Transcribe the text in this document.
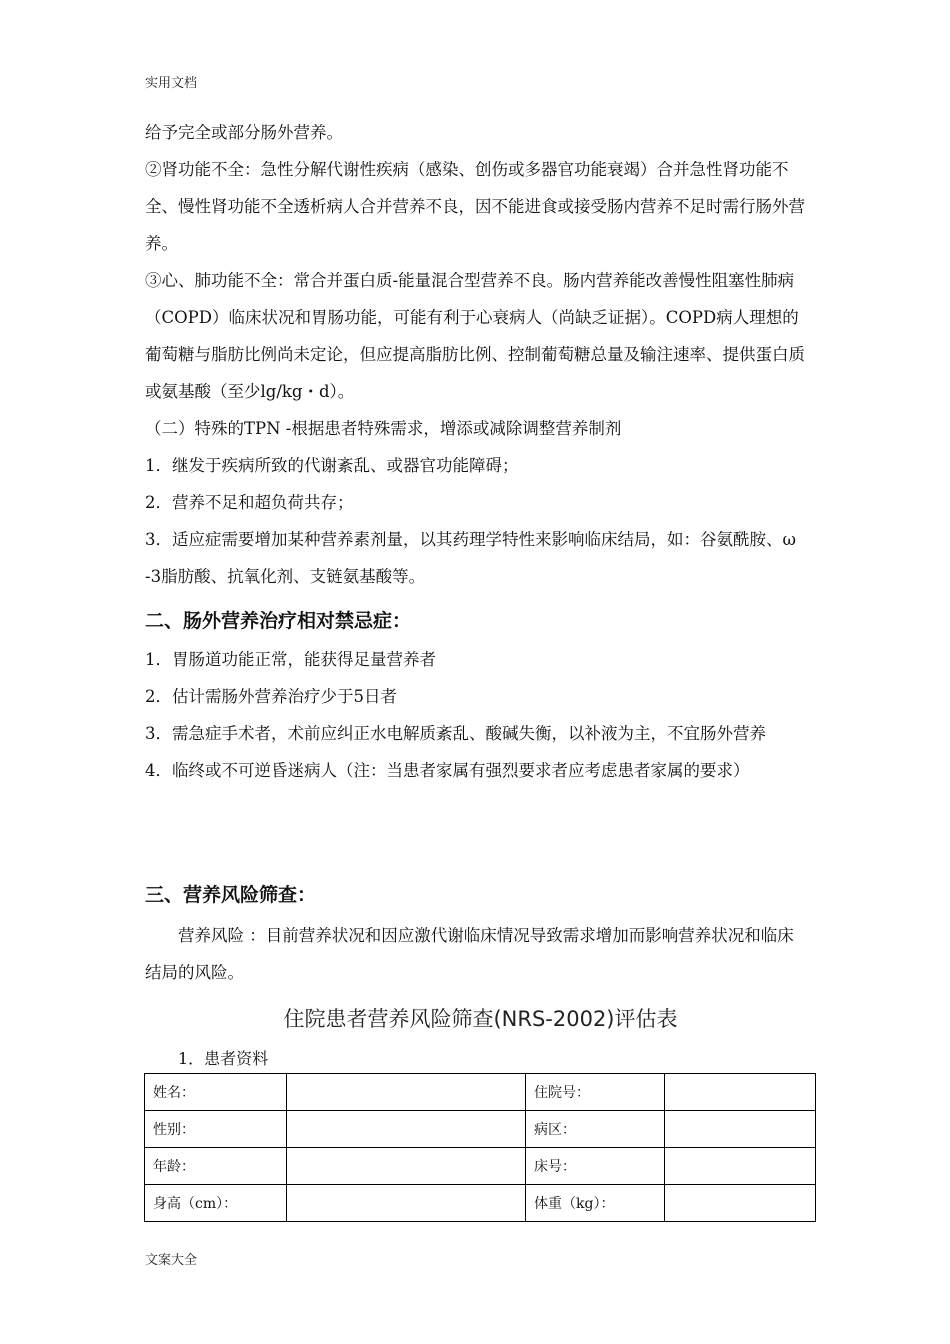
实用文档

给予完全或部分肠外营养。

②肾功能不全：急性分解代谢性疾病（感染、创伤或多器官功能衰竭）合并急性肾功能不全、慢性肾功能不全透析病人合并营养不良，因不能进食或接受肠内营养不足时需行肠外营养。

③心、肺功能不全：常合并蛋白质-能量混合型营养不良。肠内营养能改善慢性阻塞性肺病（COPD）临床状况和胃肠功能，可能有利于心衰病人（尚缺乏证据）。COPD病人理想的葡萄糖与脂肪比例尚未定论，但应提高脂肪比例、控制葡萄糖总量及输注速率、提供蛋白质或氨基酸（至少lg/kg・d）。

（二）特殊的TPN -根据患者特殊需求，增添或减除调整营养制剂

1．继发于疾病所致的代谢紊乱、或器官功能障碍；

2．营养不足和超负荷共存；

3．适应症需要增加某种营养素剂量，以其药理学特性来影响临床结局，如：谷氨酰胺、ω -3脂肪酸、抗氧化剂、支链氨基酸等。

二、肠外营养治疗相对禁忌症：

1．胃肠道功能正常，能获得足量营养者

2．估计需肠外营养治疗少于5日者

3．需急症手术者，术前应纠正水电解质紊乱、酸碱失衡，以补液为主，不宜肠外营养

4．临终或不可逆昏迷病人（注：当患者家属有强烈要求者应考虑患者家属的要求）

三、营养风险筛查：

营养风险 ：目前营养状况和因应激代谢临床情况导致需求增加而影响营养状况和临床结局的风险。

住院患者营养风险筛查(NRS-2002)评估表
1．患者资料
姓名：		住院号：	
性别：		病区：	
年龄：		床号：	
身高（cm）：		体重（kg）：	
文案大全
